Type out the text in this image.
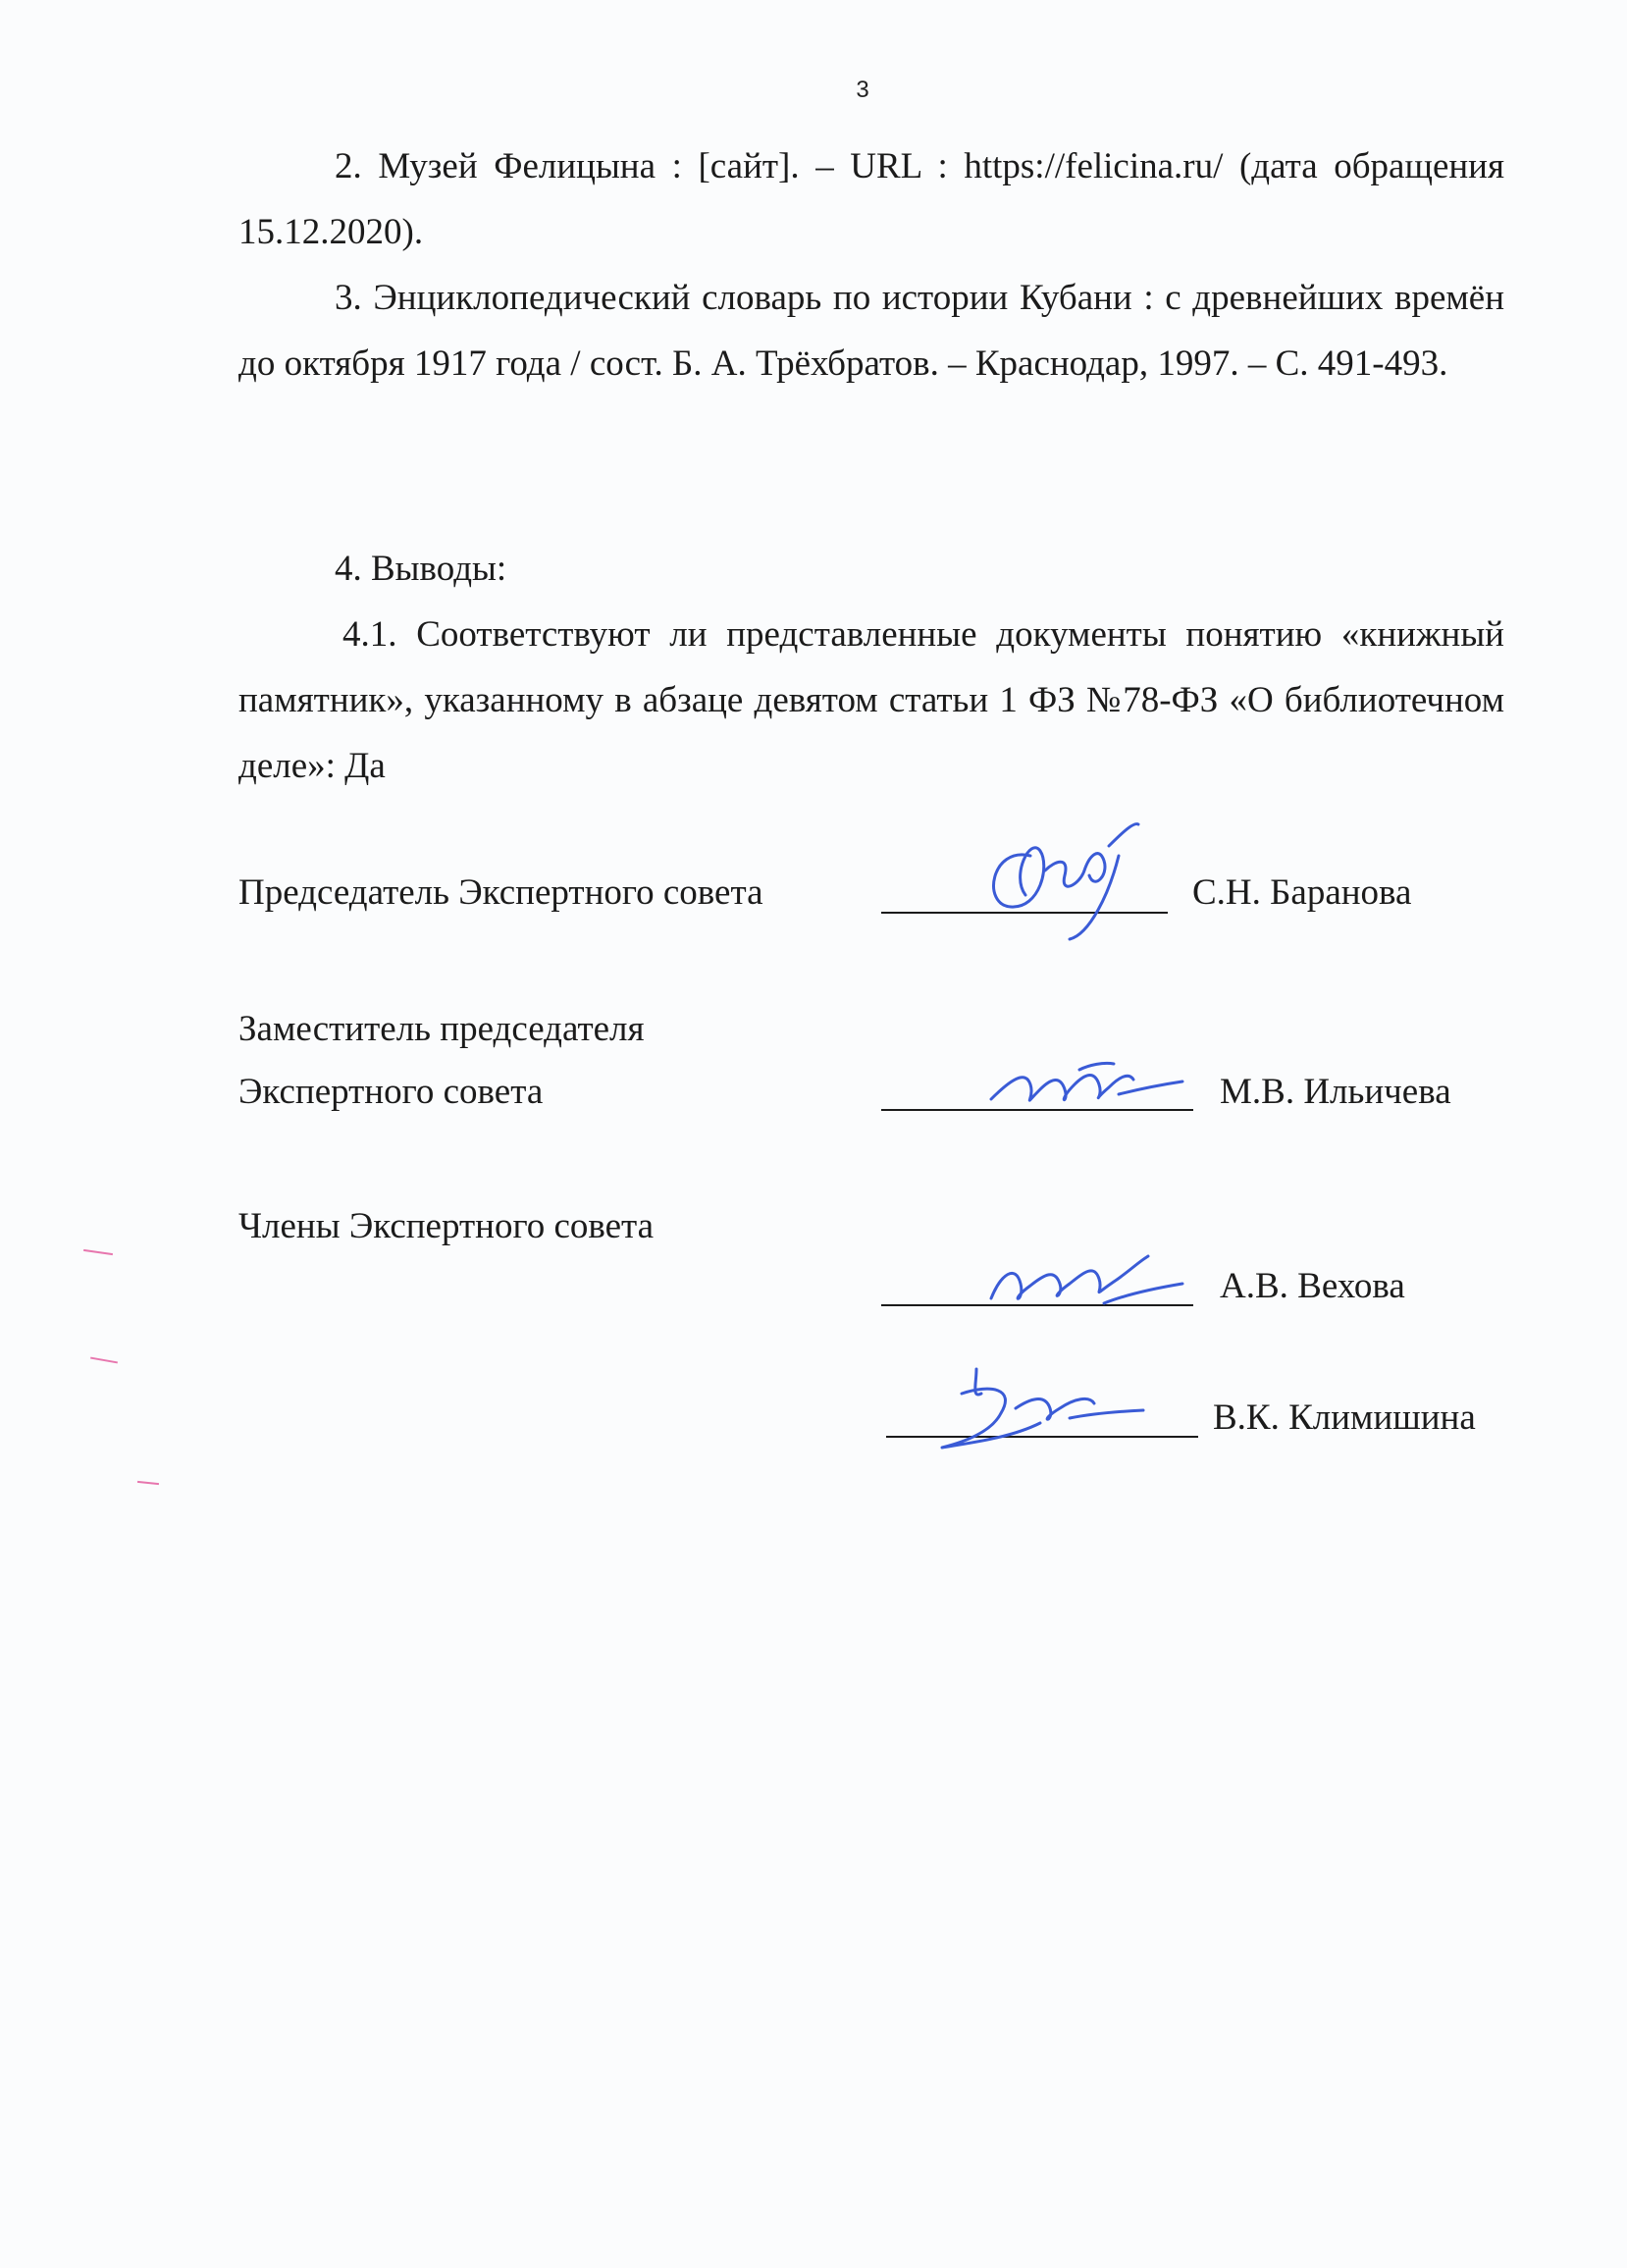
3

2. Музей Фелицына : [сайт]. – URL : https://felicina.ru/ (дата обращения 15.12.2020).

3. Энциклопедический словарь по истории Кубани : с древнейших времён до октября 1917 года / сост. Б. А. Трёхбратов. – Краснодар, 1997. – С. 491-493.

4. Выводы:

4.1. Соответствуют ли представленные документы понятию «книжный памятник», указанному в абзаце девятом статьи 1 ФЗ №78-ФЗ «О библиотечном деле»: Да

Председатель Экспертного совета	С.Н. Баранова
Заместитель председателя
Экспертного совета	М.В. Ильичева
Члены Экспертного совета
А.В. Вехова
В.К. Климишина
